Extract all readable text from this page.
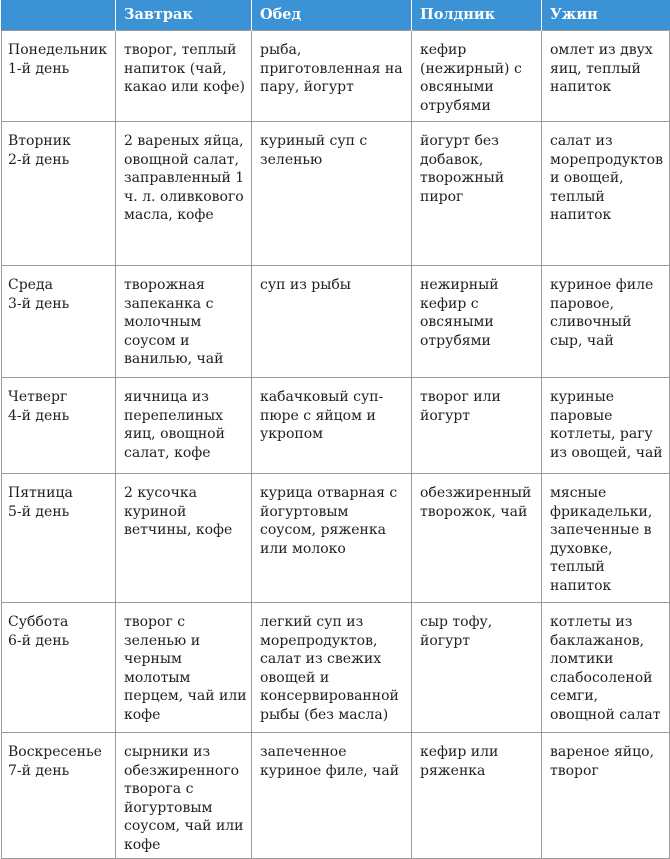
	Завтрак	Обед	Полдник	Ужин

Понедельник
1-й день	творог, теплый напиток (чай, какао или кофе)	рыба, приготовленная на пару, йогурт	кефир (нежирный) с овсяными отрубями	омлет из двух яиц, теплый напиток

Вторник
2-й день	2 вареных яйца, овощной салат, заправленный 1 ч. л. оливкового масла, кофе	куриный суп с зеленью	йогурт без добавок, творожный пирог	салат из морепродуктов и овощей, теплый напиток

Среда
3-й день	творожная запеканка с молочным соусом и ванилью, чай	суп из рыбы	нежирный кефир с овсяными отрубями	куриное филе паровое, сливочный сыр, чай

Четверг
4-й день	яичница из перепелиных яиц, овощной салат, кофе	кабачковый суп-пюре с яйцом и укропом	творог или йогурт	куриные паровые котлеты, рагу из овощей, чай

Пятница
5-й день	2 кусочка куриной ветчины, кофе	курица отварная с йогуртовым соусом, ряженка или молоко	обезжиренный творожок, чай	мясные фрикадельки, запеченные в духовке, теплый напиток

Суббота
6-й день	творог с зеленью и черным молотым перцем, чай или кофе	легкий суп из морепродуктов, салат из свежих овощей и консервированной рыбы (без масла)	сыр тофу, йогурт	котлеты из баклажанов, ломтики слабосоленой семги, овощной салат

Воскресенье
7-й день	сырники из обезжиренного творога с йогуртовым соусом, чай или кофе	запеченное куриное филе, чай	кефир или ряженка	вареное яйцо, творог
